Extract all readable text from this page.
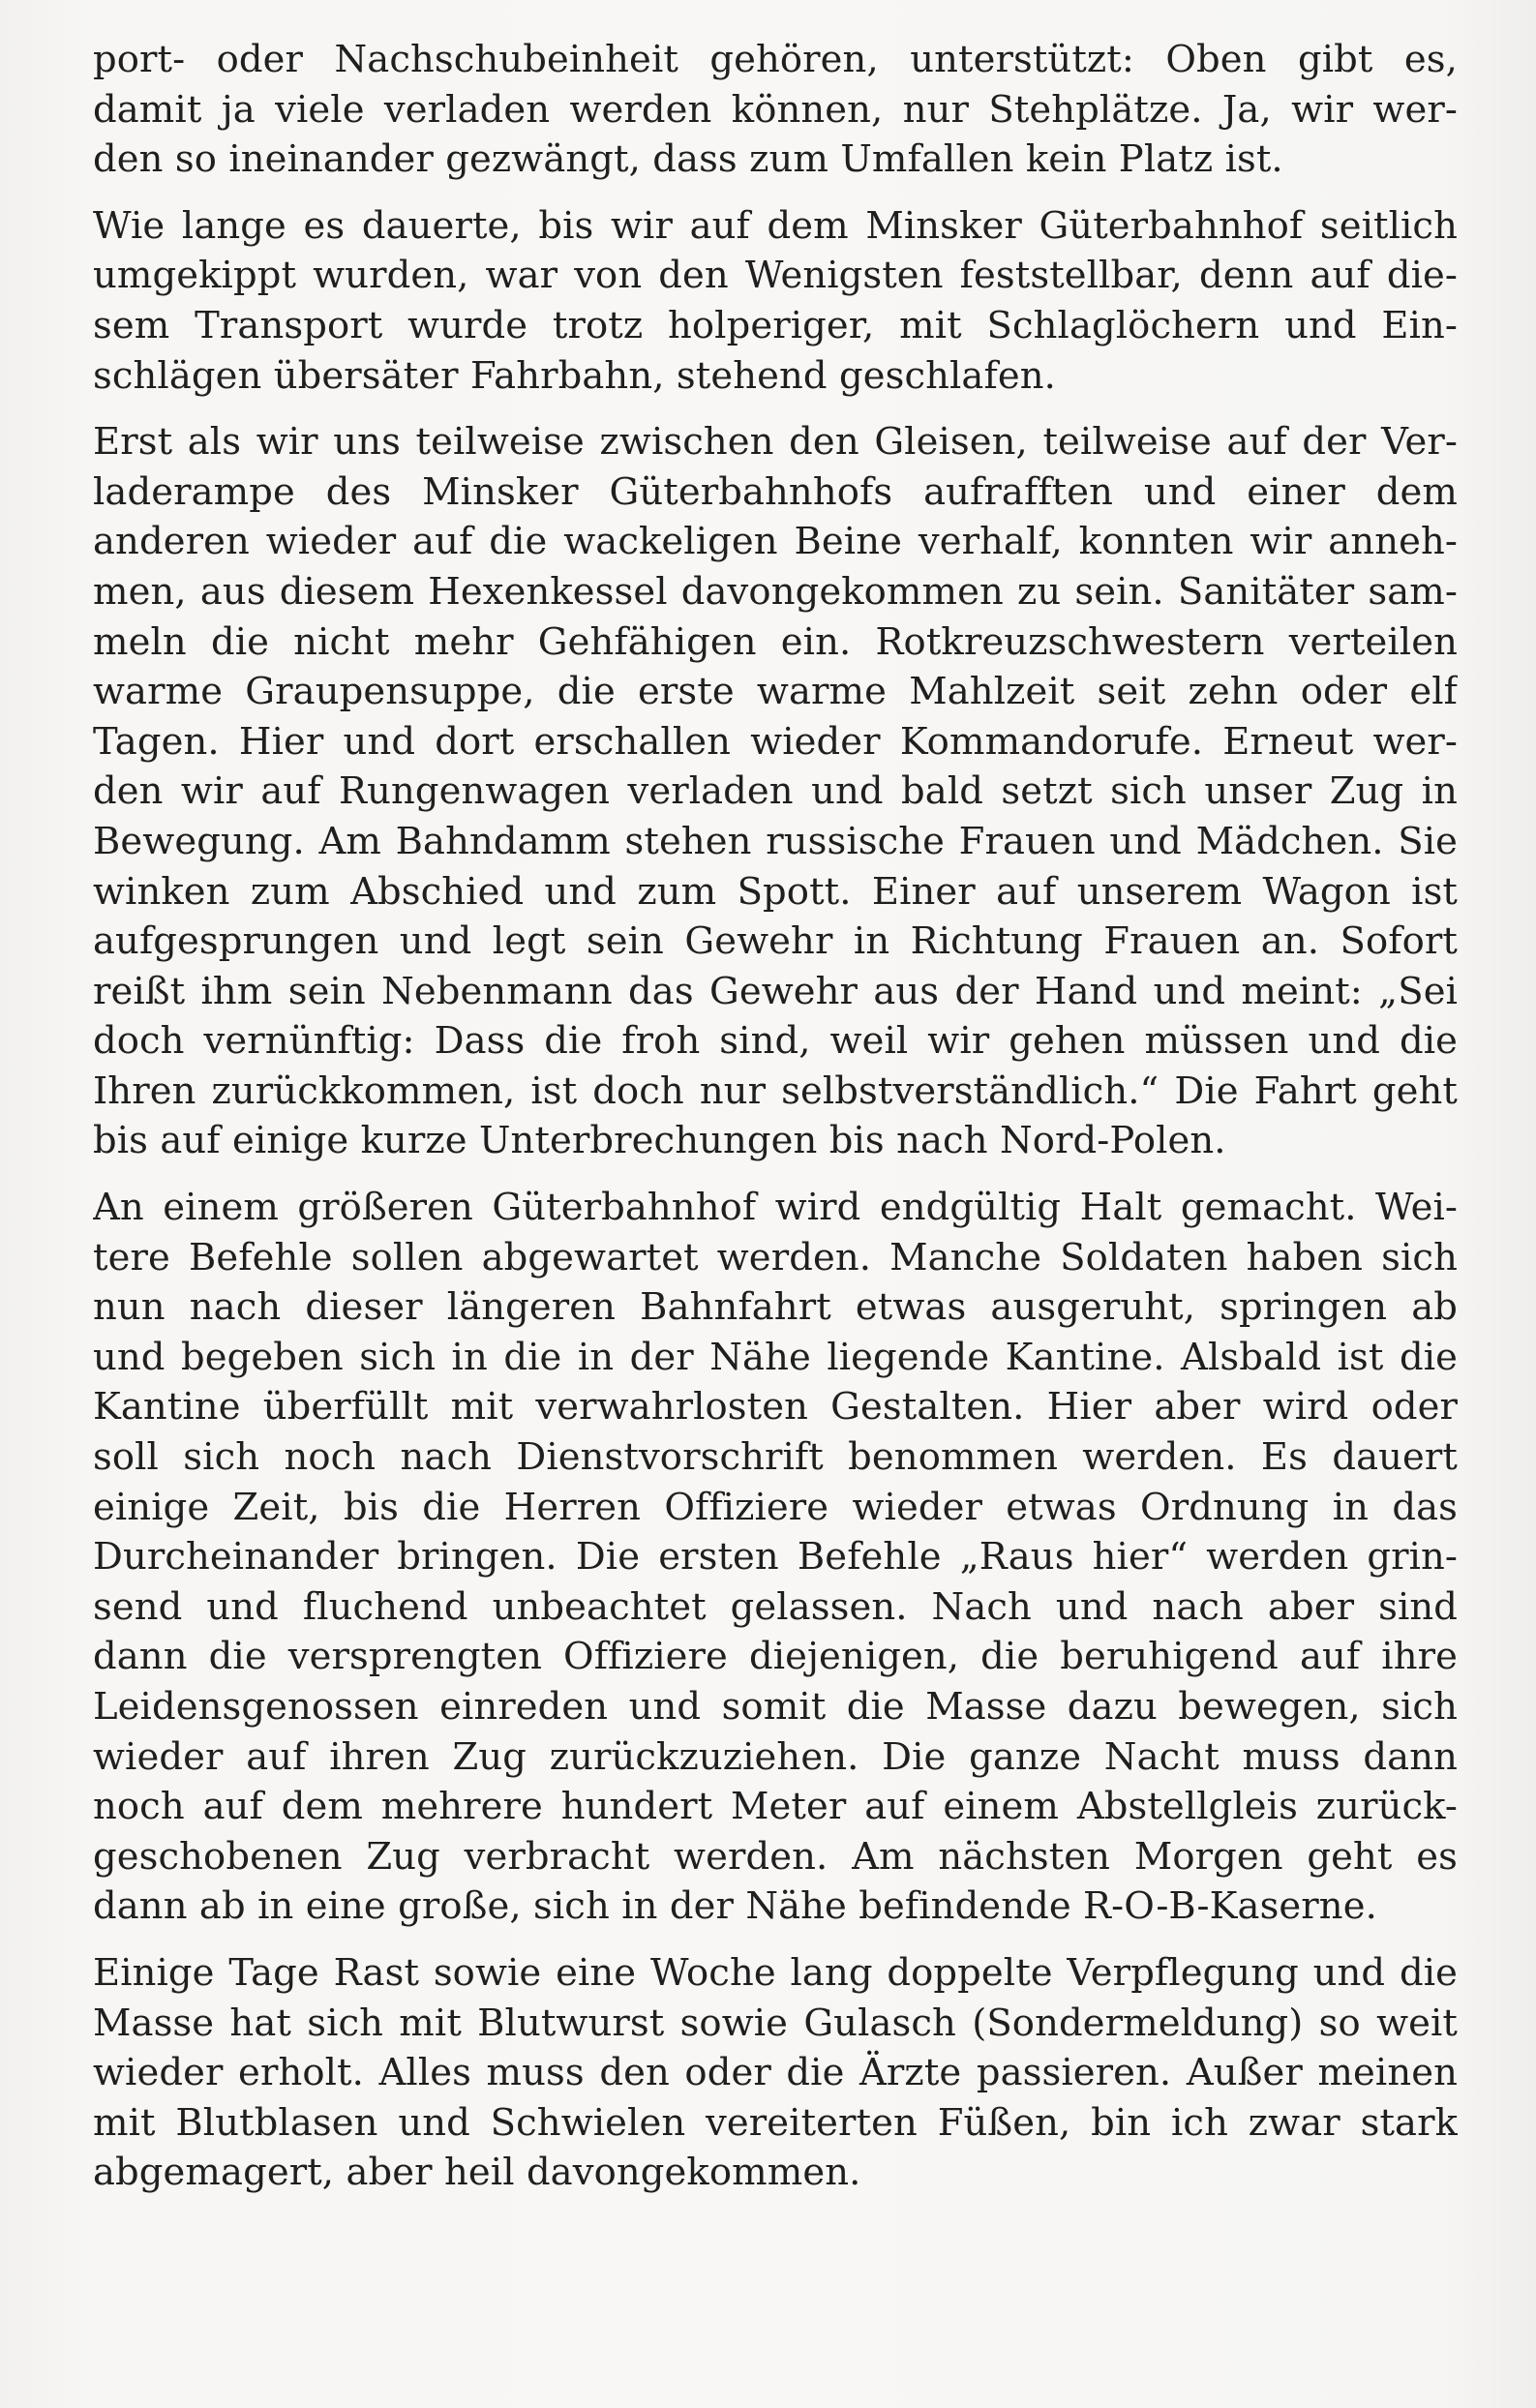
port- oder Nachschubeinheit gehören, unterstützt: Oben gibt es,
damit ja viele verladen werden können, nur Stehplätze. Ja, wir wer-
den so ineinander gezwängt, dass zum Umfallen kein Platz ist.
Wie lange es dauerte, bis wir auf dem Minsker Güterbahnhof seitlich
umgekippt wurden, war von den Wenigsten feststellbar, denn auf die-
sem Transport wurde trotz holperiger, mit Schlaglöchern und Ein-
schlägen übersäter Fahrbahn, stehend geschlafen.
Erst als wir uns teilweise zwischen den Gleisen, teilweise auf der Ver-
laderampe des Minsker Güterbahnhofs aufrafften und einer dem
anderen wieder auf die wackeligen Beine verhalf, konnten wir anneh-
men, aus diesem Hexenkessel davongekommen zu sein. Sanitäter sam-
meln die nicht mehr Gehfähigen ein. Rotkreuzschwestern verteilen
warme Graupensuppe, die erste warme Mahlzeit seit zehn oder elf
Tagen. Hier und dort erschallen wieder Kommandorufe. Erneut wer-
den wir auf Rungenwagen verladen und bald setzt sich unser Zug in
Bewegung. Am Bahndamm stehen russische Frauen und Mädchen. Sie
winken zum Abschied und zum Spott. Einer auf unserem Wagon ist
aufgesprungen und legt sein Gewehr in Richtung Frauen an. Sofort
reißt ihm sein Nebenmann das Gewehr aus der Hand und meint: „Sei
doch vernünftig: Dass die froh sind, weil wir gehen müssen und die
Ihren zurückkommen, ist doch nur selbstverständlich.“ Die Fahrt geht
bis auf einige kurze Unterbrechungen bis nach Nord-Polen.
An einem größeren Güterbahnhof wird endgültig Halt gemacht. Wei-
tere Befehle sollen abgewartet werden. Manche Soldaten haben sich
nun nach dieser längeren Bahnfahrt etwas ausgeruht, springen ab
und begeben sich in die in der Nähe liegende Kantine. Alsbald ist die
Kantine überfüllt mit verwahrlosten Gestalten. Hier aber wird oder
soll sich noch nach Dienstvorschrift benommen werden. Es dauert
einige Zeit, bis die Herren Offiziere wieder etwas Ordnung in das
Durcheinander bringen. Die ersten Befehle „Raus hier“ werden grin-
send und fluchend unbeachtet gelassen. Nach und nach aber sind
dann die versprengten Offiziere diejenigen, die beruhigend auf ihre
Leidensgenossen einreden und somit die Masse dazu bewegen, sich
wieder auf ihren Zug zurückzuziehen. Die ganze Nacht muss dann
noch auf dem mehrere hundert Meter auf einem Abstellgleis zurück-
geschobenen Zug verbracht werden. Am nächsten Morgen geht es
dann ab in eine große, sich in der Nähe befindende R-O-B-Kaserne.
Einige Tage Rast sowie eine Woche lang doppelte Verpflegung und die
Masse hat sich mit Blutwurst sowie Gulasch (Sondermeldung) so weit
wieder erholt. Alles muss den oder die Ärzte passieren. Außer meinen
mit Blutblasen und Schwielen vereiterten Füßen, bin ich zwar stark
abgemagert, aber heil davongekommen.
